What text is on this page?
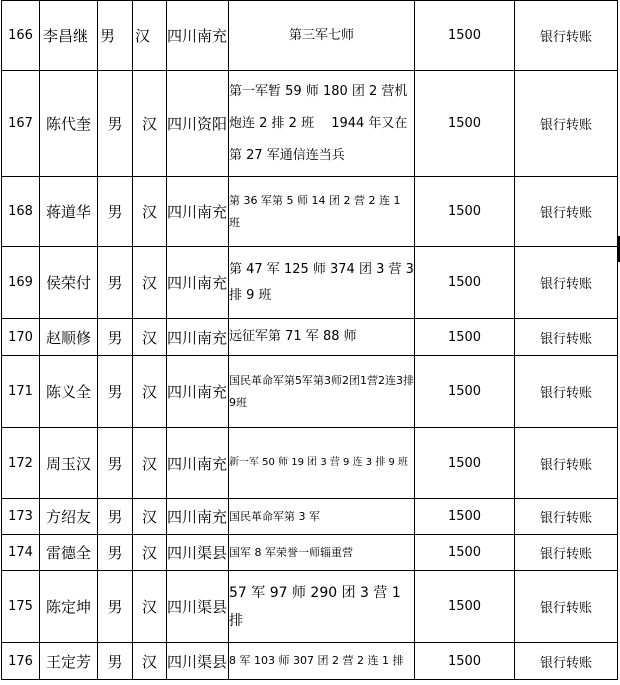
166	李昌继	男	汉	四川南充	第三军七师	1500	银行转账
167	陈代奎	男	汉	四川资阳	第一军暂 59 师 180 团 2 营机炮连 2 排 2 班　 1944 年又在第 27 军通信连当兵	1500	银行转账
168	蒋道华	男	汉	四川南充	第 36 军第 5 师 14 团 2 营 2 连 1 班	1500	银行转账
169	侯荣付	男	汉	四川南充	第 47 军 125 师 374 团 3 营 3 排 9 班	1500	银行转账
170	赵顺修	男	汉	四川南充	远征军第 71 军 88 师	1500	银行转账
171	陈义全	男	汉	四川南充	国民革命军第5军第3师2团1营2连3排9班	1500	银行转账
172	周玉汉	男	汉	四川南充	新一军 50 师 19 团 3 营 9 连 3 排 9 班	1500	银行转账
173	方绍友	男	汉	四川南充	国民革命军第 3 军	1500	银行转账
174	雷德全	男	汉	四川渠县	国军 8 军荣誉一师辎重营	1500	银行转账
175	陈定坤	男	汉	四川渠县	57 军 97 师 290 团 3 营 1 排	1500	银行转账
176	王定芳	男	汉	四川渠县	8 军 103 师 307 团 2 营 2 连 1 排	1500	银行转账
